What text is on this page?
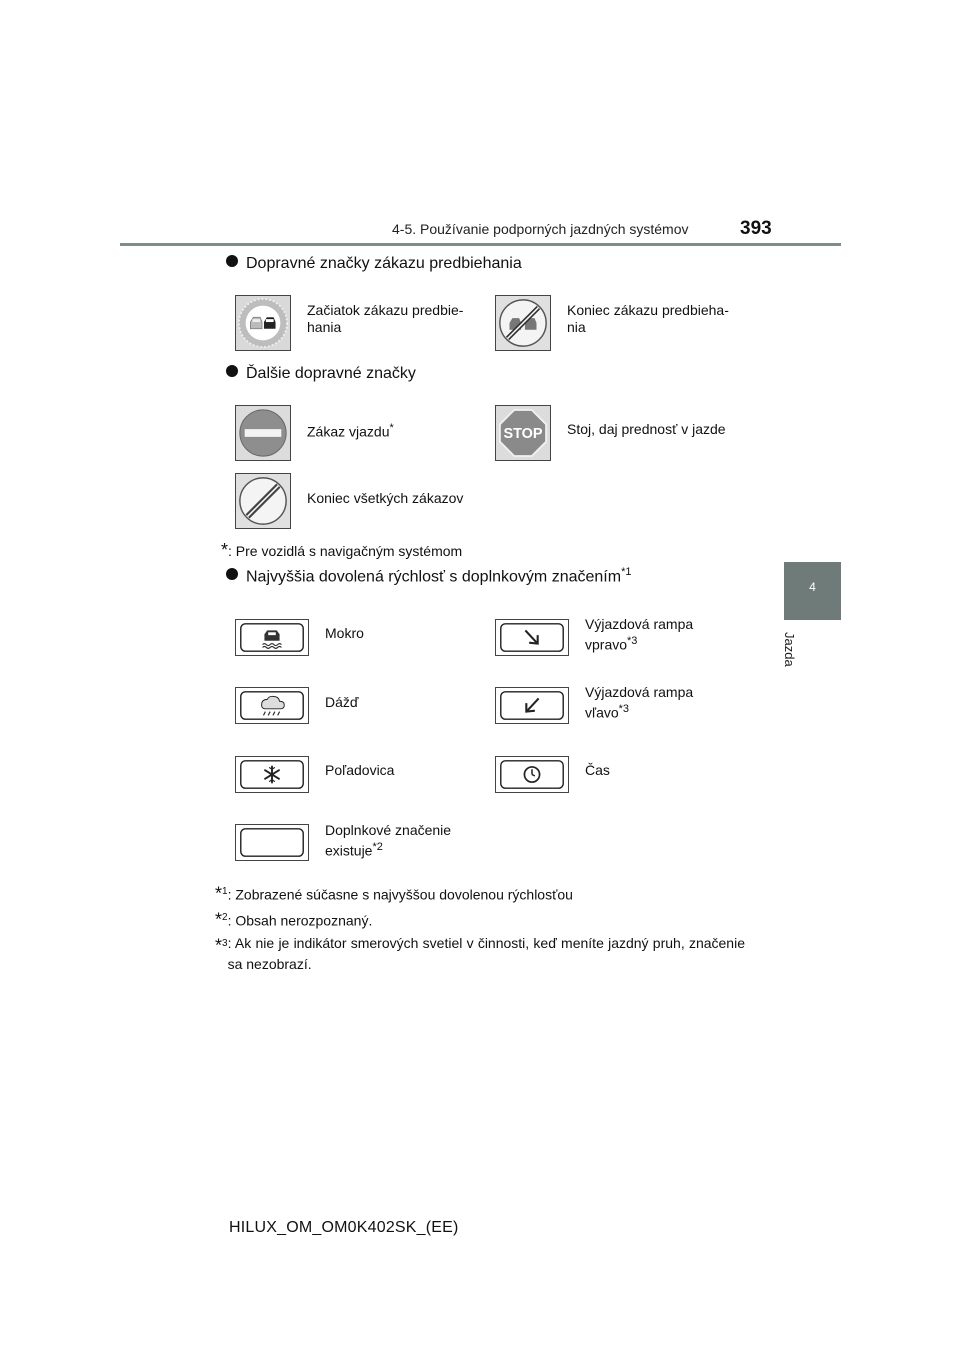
4-5. Používanie podporných jazdných systémov	393
4
Jazda
Dopravné značky zákazu predbiehania
Začiatok zákazu predbie-
hania
Koniec zákazu predbieha-
nia
Ďalšie dopravné značky
Zákaz vjazdu*	STOP Stoj, daj prednosť v jazde
Koniec všetkých zákazov
*: Pre vozidlá s navigačným systémom
Najvyššia dovolená rýchlosť s doplnkovým značením$^{*1}$
Mokro
Výjazdová rampa
vpravo$^{*3}$
Dážď
Výjazdová rampa
vľavo$^{*3}$
Poľadovica	Čas
Doplnkové značenie
existuje$^{*2}$
*$^1$: Zobrazené súčasne s najvyššou dovolenou rýchlosťou
*$^2$: Obsah nerozpoznaný.
*$^3$ : Ak nie je indikátor smerových svetiel v činnosti, keď meníte jazdný pruh, značenie sa nezobrazí.
HILUX_OM_OM0K402SK_(EE)
